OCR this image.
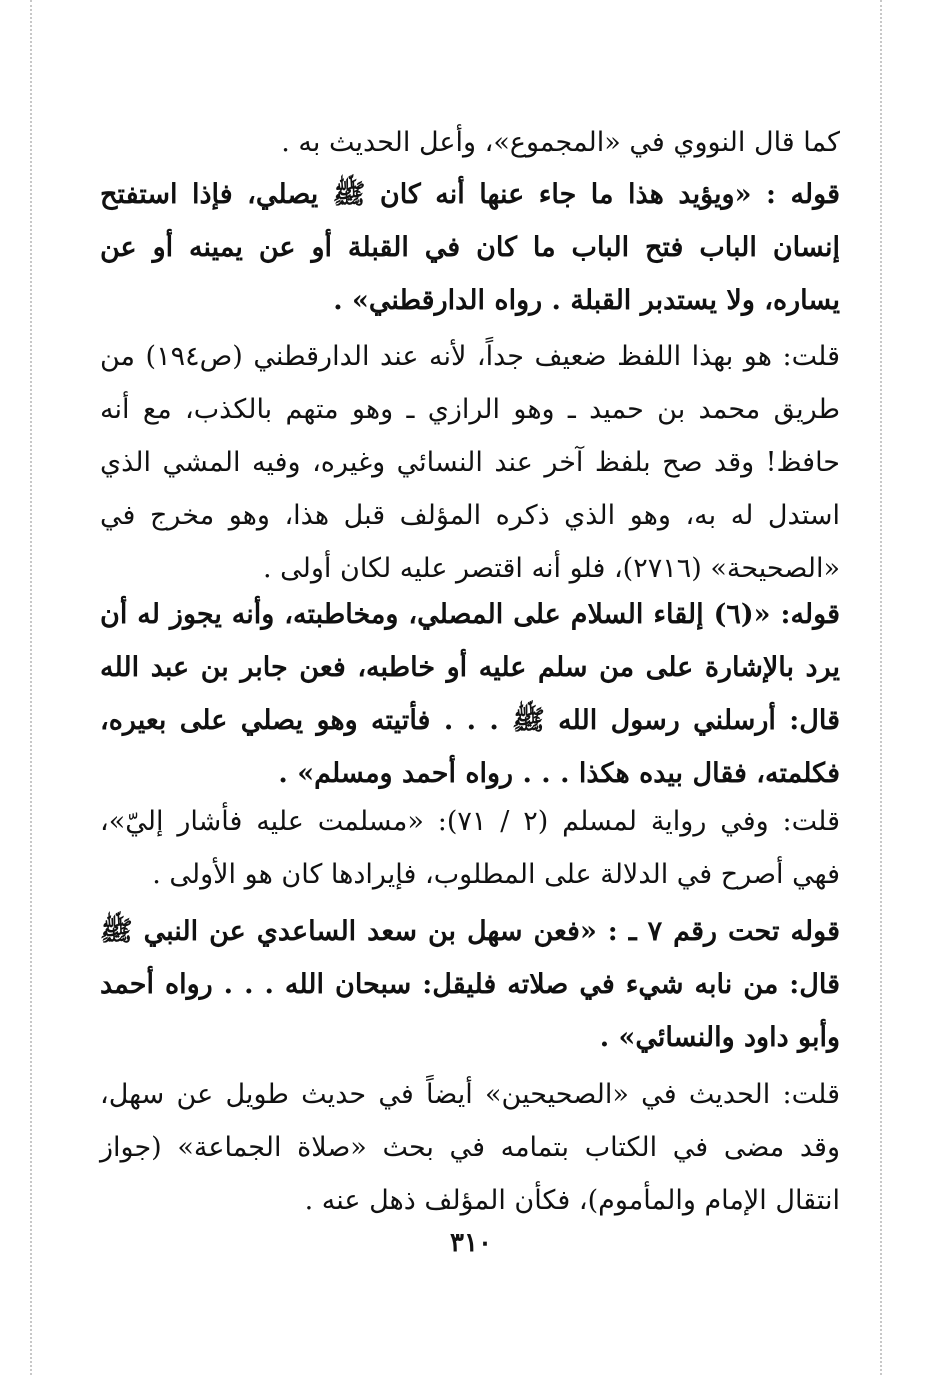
كما قال النووي في «المجموع»، وأعل الحديث به .

قوله : «ويؤيد هذا ما جاء عنها أنه كان ﷺ يصلي، فإذا استفتح إنسان الباب فتح الباب ما كان في القبلة أو عن يمينه أو عن يساره، ولا يستدبر القبلة . رواه الدارقطني» .

قلت: هو بهذا اللفظ ضعيف جداً، لأنه عند الدارقطني (ص١٩٤) من طريق محمد بن حميد ـ وهو الرازي ـ وهو متهم بالكذب، مع أنه حافظ! وقد صح بلفظ آخر عند النسائي وغيره، وفيه المشي الذي استدل له به، وهو الذي ذكره المؤلف قبل هذا، وهو مخرج في «الصحيحة» (٢٧١٦)، فلو أنه اقتصر عليه لكان أولى .

قوله: «(٦) إلقاء السلام على المصلي، ومخاطبته، وأنه يجوز له أن يرد بالإشارة على من سلم عليه أو خاطبه، فعن جابر بن عبد الله قال: أرسلني رسول الله ﷺ . . . فأتيته وهو يصلي على بعيره، فكلمته، فقال بيده هكذا . . . رواه أحمد ومسلم» .

قلت: وفي رواية لمسلم (٢ / ٧١): «مسلمت عليه فأشار إليّ»، فهي أصرح في الدلالة على المطلوب، فإيرادها كان هو الأولى .

قوله تحت رقم ٧ ـ : «فعن سهل بن سعد الساعدي عن النبي ﷺ قال: من نابه شيء في صلاته فليقل: سبحان الله . . . رواه أحمد وأبو داود والنسائي» .

قلت: الحديث في «الصحيحين» أيضاً في حديث طويل عن سهل، وقد مضى في الكتاب بتمامه في بحث «صلاة الجماعة» (جواز انتقال الإمام والمأموم)، فكأن المؤلف ذهل عنه .

٣١٠
